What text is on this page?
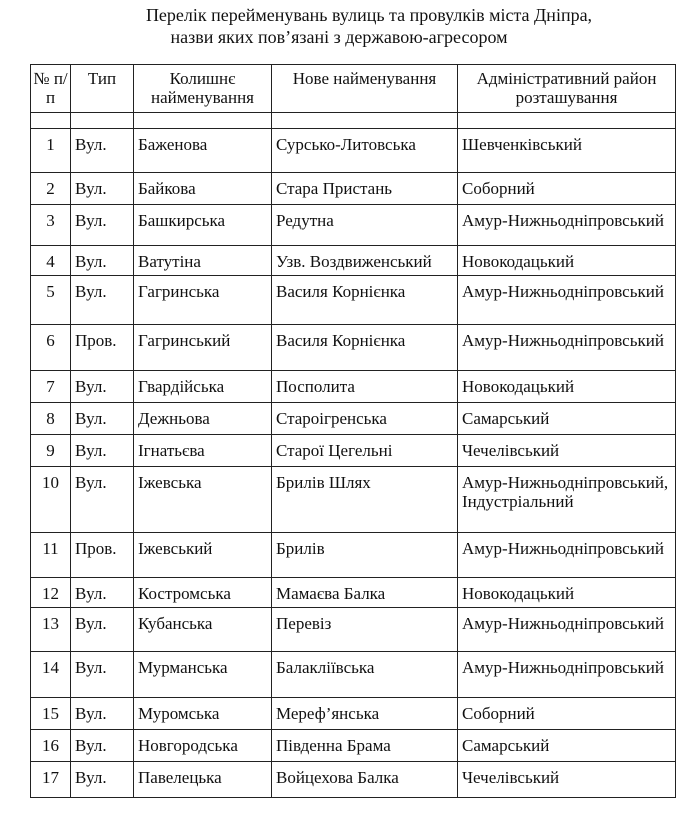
Перелік перейменувань вулиць та провулків міста Дніпра,
назви яких пов’язані з державою-агресором
№ п/п	Тип	Колишнє найменування	Нове найменування	Адміністративний район розташування

1	Вул.	Баженова	Сурсько-Литовська	Шевченківський

2	Вул.	Байкова	Стара Пристань	Соборний

3	Вул.	Башкирська	Редутна	Амур-Нижньодніпровський

4	Вул.	Ватутіна	Узв. Воздвиженський	Новокодацький

5	Вул.	Гагринська	Василя Корнієнка	Амур-Нижньодніпровський

6	Пров.	Гагринський	Василя Корнієнка	Амур-Нижньодніпровський

7	Вул.	Гвардійська	Посполита	Новокодацький

8	Вул.	Дежньова	Староігренська	Самарський

9	Вул.	Ігнатьєва	Старої Цегельні	Чечелівський

10	Вул.	Іжевська	Брилів Шлях	Амур-Нижньодніпровський, Індустріальний

11	Пров.	Іжевський	Брилів	Амур-Нижньодніпровський

12	Вул.	Костромська	Мамаєва Балка	Новокодацький

13	Вул.	Кубанська	Перевіз	Амур-Нижньодніпровський

14	Вул.	Мурманська	Балаклiївська	Амур-Нижньодніпровський

15	Вул.	Муромська	Мереф’янська	Соборний

16	Вул.	Новгородська	Південна Брама	Самарський

17	Вул.	Павелецька	Войцехова Балка	Чечелівський
